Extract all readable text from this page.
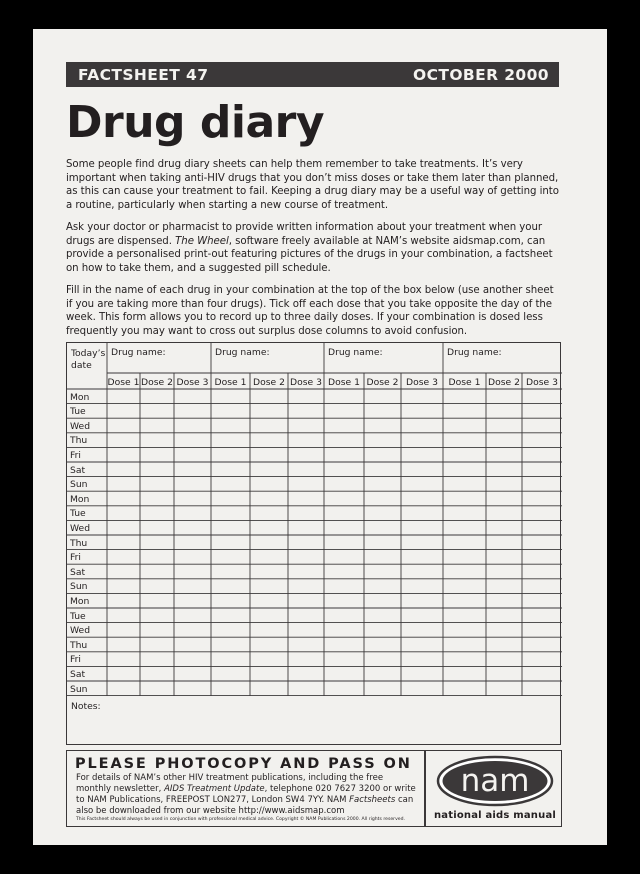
FACTSHEET 47	OCTOBER 2000
Drug diary

Some people find drug diary sheets can help them remember to take treatments. It’s very important when taking anti-HIV drugs that you don’t miss doses or take them later than planned, as this can cause your treatment to fail. Keeping a drug diary may be a useful way of getting into a routine, particularly when starting a new course of treatment.

Ask your doctor or pharmacist to provide written information about your treatment when your drugs are dispensed. The Wheel, software freely available at NAM’s website aidsmap.com, can provide a personalised print-out featuring pictures of the drugs in your combination, a factsheet on how to take them, and a suggested pill schedule.

Fill in the name of each drug in your combination at the top of the box below (use another sheet if you are taking more than four drugs). Tick off each dose that you take opposite the day of the week. This form allows you to record up to three daily doses. If your combination is dosed less frequently you may want to cross out surplus dose columns to avoid confusion.

Today’s
date
Drug name:	Drug name:	Drug name:	Drug name:
Dose 1 Dose 2 Dose 3 Dose 1 Dose 2 Dose 3 Dose 1 Dose 2 Dose 3 Dose 1 Dose 2 Dose 3
Mon
Tue
Wed
Thu
Fri
Sat
Sun
Mon
Tue
Wed
Thu
Fri
Sat
Sun
Mon
Tue
Wed
Thu
Fri
Sat
Sun
Notes:
PLEASE PHOTOCOPY AND PASS ON
For details of NAM’s other HIV treatment publications, including the free monthly newsletter, AIDS Treatment Update, telephone 020 7627 3200 or write to NAM Publications, FREEPOST LON277, London SW4 7YY. NAM Factsheets can also be downloaded from our website http://www.aidsmap.com
This Factsheet should always be used in conjunction with professional medical advice. Copyright © NAM Publications 2000. All rights reserved.
nam
national aids manual
